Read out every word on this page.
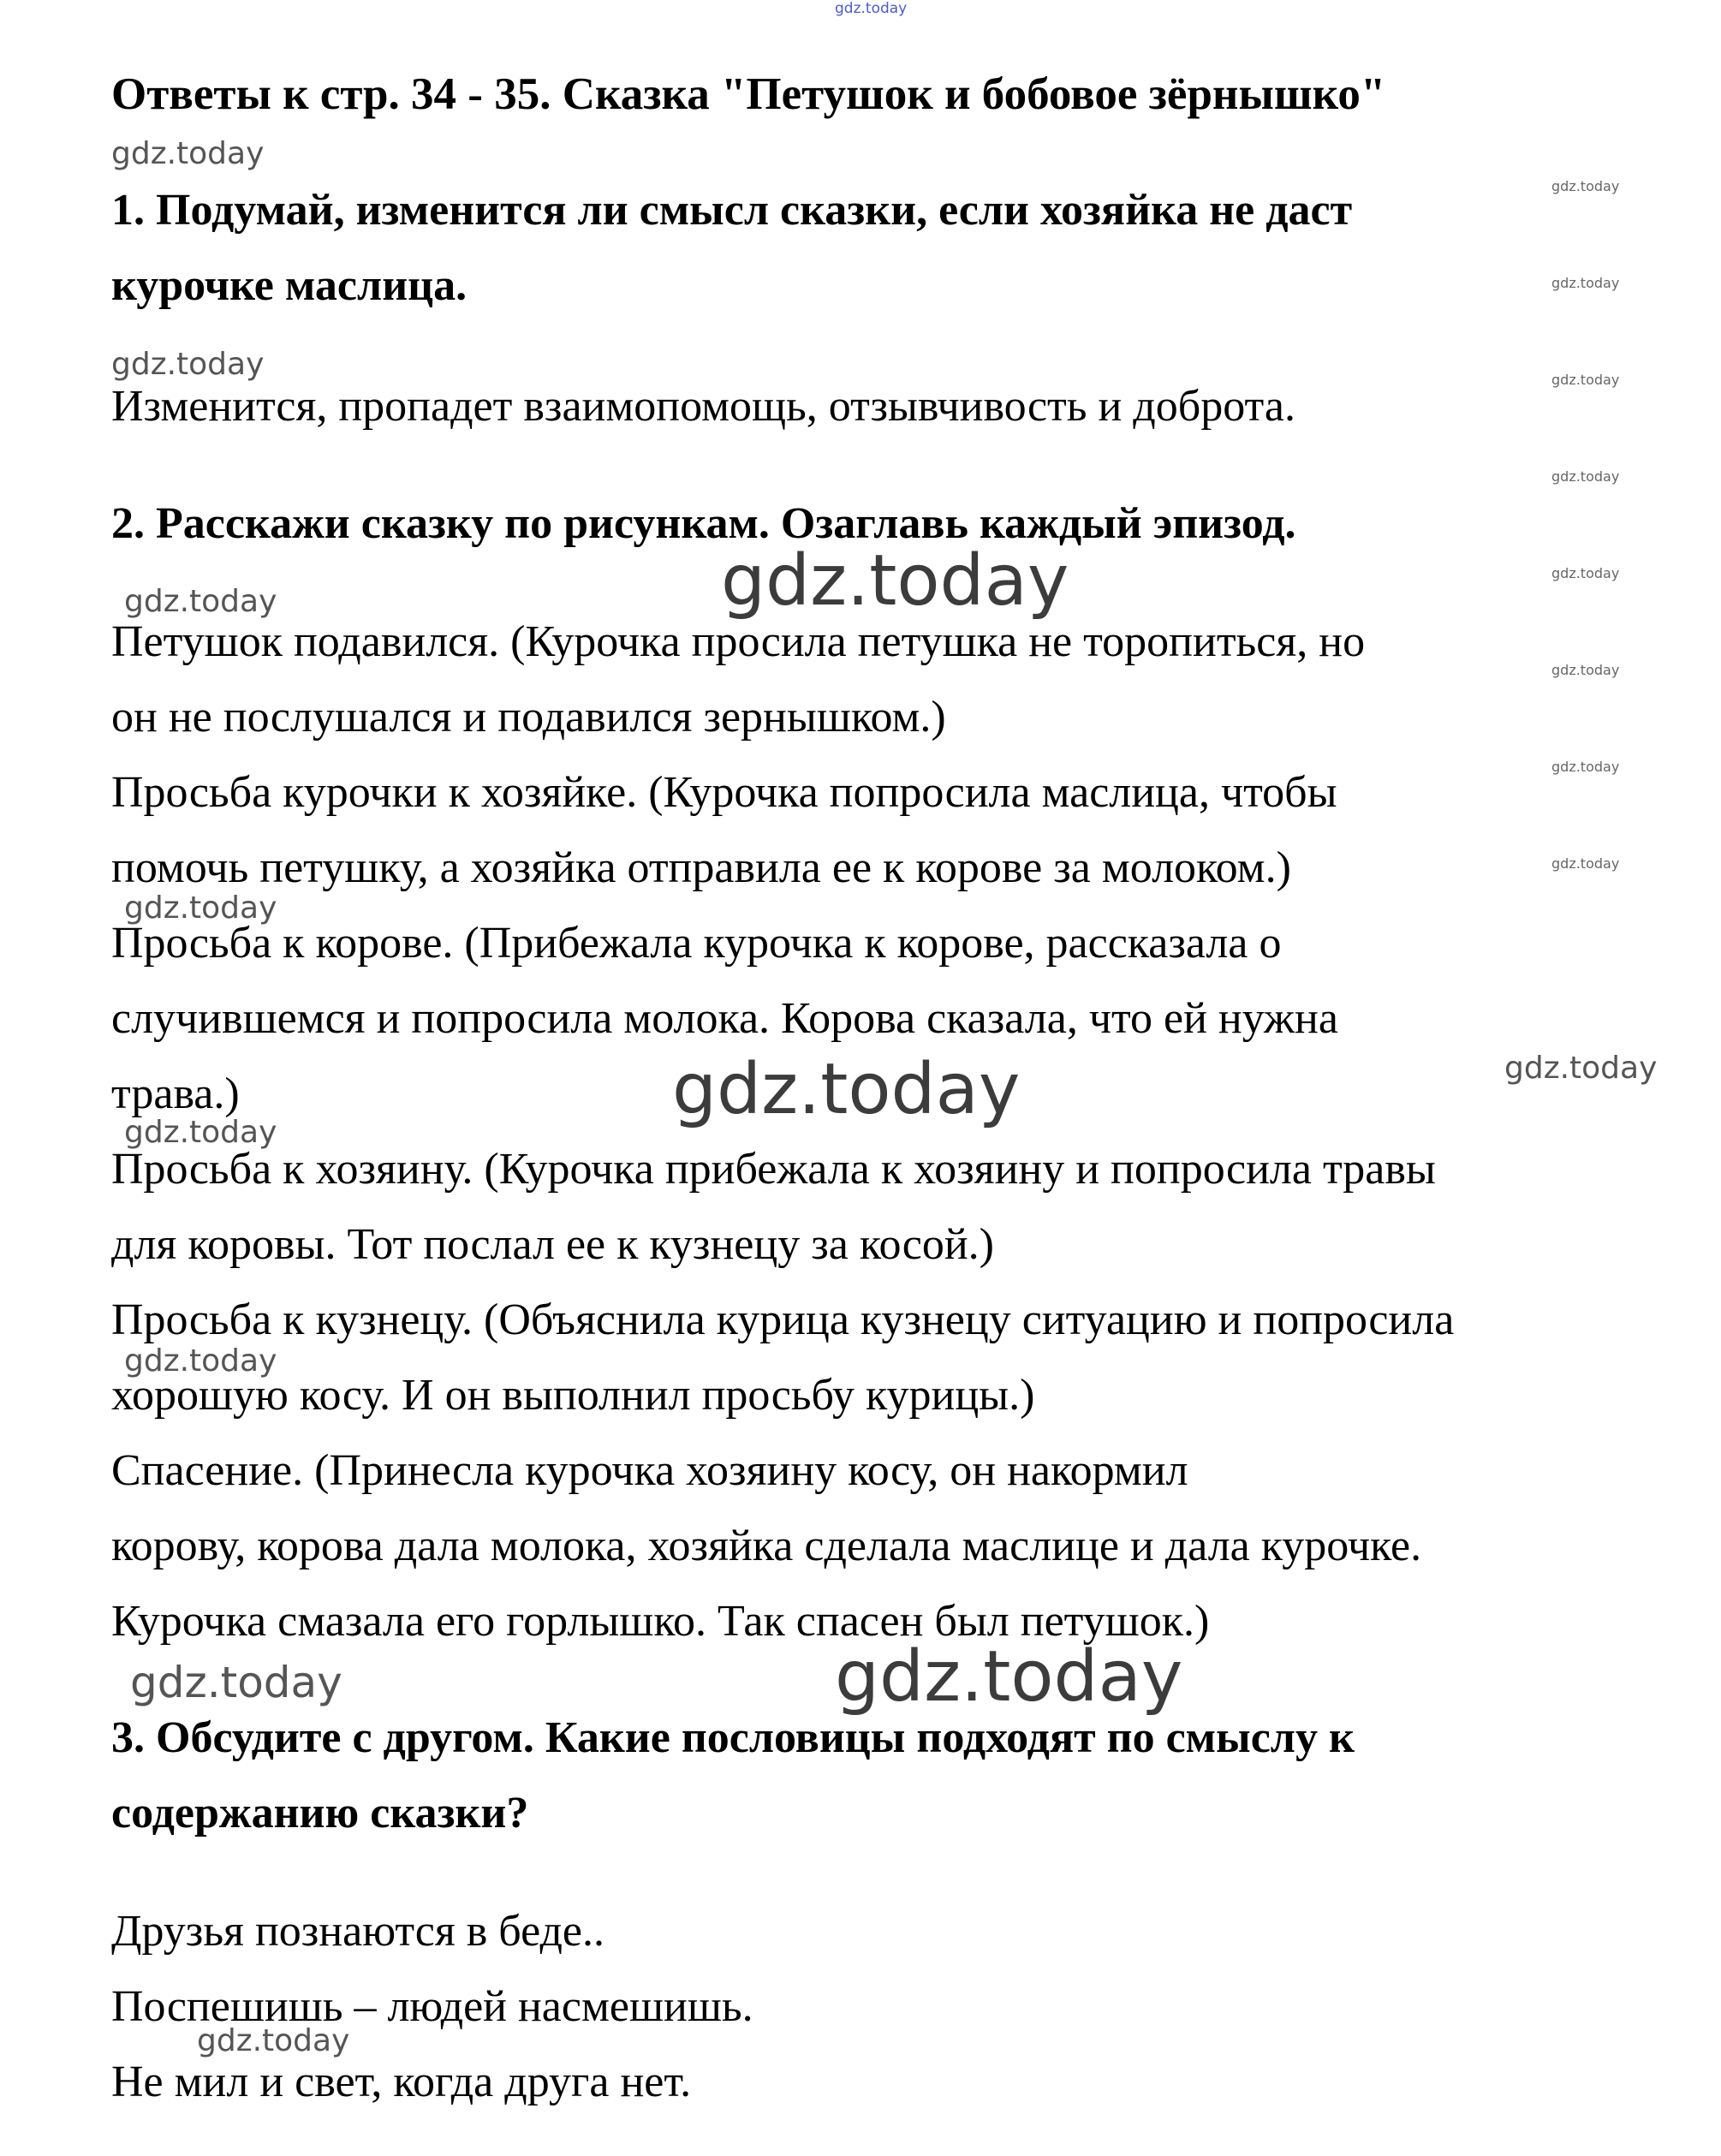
gdz.today
gdz.today
gdz.today
gdz.today
gdz.today
gdz.today
gdz.today
gdz.today
gdz.today
gdz.today
gdz.today
gdz.today
gdz.today
gdz.today
gdz.today
gdz.today
gdz.today
gdz.today
gdz.today
gdz.today
gdz.today
Ответы к стр. 34 - 35. Сказка "Петушок и бобовое зёрнышко"
1. Подумай, изменится ли смысл сказки, если хозяйка не даст
курочке маслица.
Изменится, пропадет взаимопомощь, отзывчивость и доброта.
2. Расскажи сказку по рисункам. Озаглавь каждый эпизод.
Петушок подавился. (Курочка просила петушка не торопиться, но
он не послушался и подавился зернышком.)
Просьба курочки к хозяйке. (Курочка попросила маслица, чтобы
помочь петушку, а хозяйка отправила ее к корове за молоком.)
Просьба к корове. (Прибежала курочка к корове, рассказала о
случившемся и попросила молока. Корова сказала, что ей нужна
трава.)
Просьба к хозяину. (Курочка прибежала к хозяину и попросила травы
для коровы. Тот послал ее к кузнецу за косой.)
Просьба к кузнецу. (Объяснила курица кузнецу ситуацию и попросила
хорошую косу. И он выполнил просьбу курицы.)
Спасение. (Принесла курочка хозяину косу, он накормил
корову, корова дала молока, хозяйка сделала маслице и дала курочке.
Курочка смазала его горлышко. Так спасен был петушок.)
3. Обсудите с другом. Какие пословицы подходят по смыслу к
содержанию сказки?
Друзья познаются в беде..
Поспешишь – людей насмешишь.
Не мил и свет, когда друга нет.
